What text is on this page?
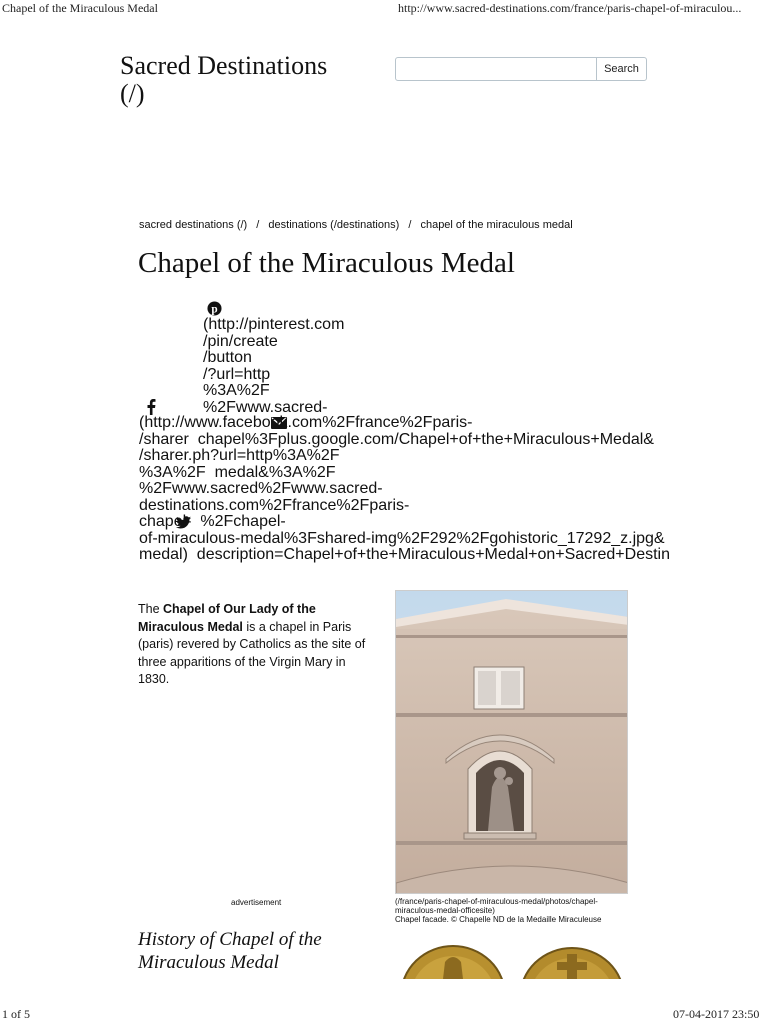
Chapel of the Miraculous Medal	http://www.sacred-destinations.com/france/paris-chapel-of-miraculou...
Sacred Destinations
(/)
Search
sacred destinations (/) / destinations (/destinations) / chapel of the miraculous medal
Chapel of the Miraculous Medal
p
(http://pinterest.com
/pin/create
/button
/?url=http
%3A%2F
%2Fwww.sacred-
(http://www.facebook.com%2Ffrance%2Fparis-
/sharer  chapel%3Fplus.google.com/Chapel+of+the+Miraculous+Medal&
/sharer.ph?url=http%3A%2F
%3A%2F  medal&%3A%2F
%2Fwww.sacred%2Fwww.sacred-
destinations.com%2Ffrance%2Fparis-
chapel-  %2Fchapel-
of-miraculous-medal%3Fshared-img%2F292%2Fgohistoric_17292_z.jpg&
medal)  description=Chapel+of+the+Miraculous+Medal+on+Sacred+Destin

The Chapel of Our Lady of the Miraculous Medal is a chapel in Paris (paris) revered by Catholics as the site of three apparitions of the Virgin Mary in 1830.

advertisement	(/france/paris-chapel-of-miraculous-medal/photos/chapel-miraculous-medal-officesite)
Chapel facade. © Chapelle ND de la Medaille Miraculeuse
History of Chapel of the Miraculous Medal
1 of 5	07-04-2017 23:50
